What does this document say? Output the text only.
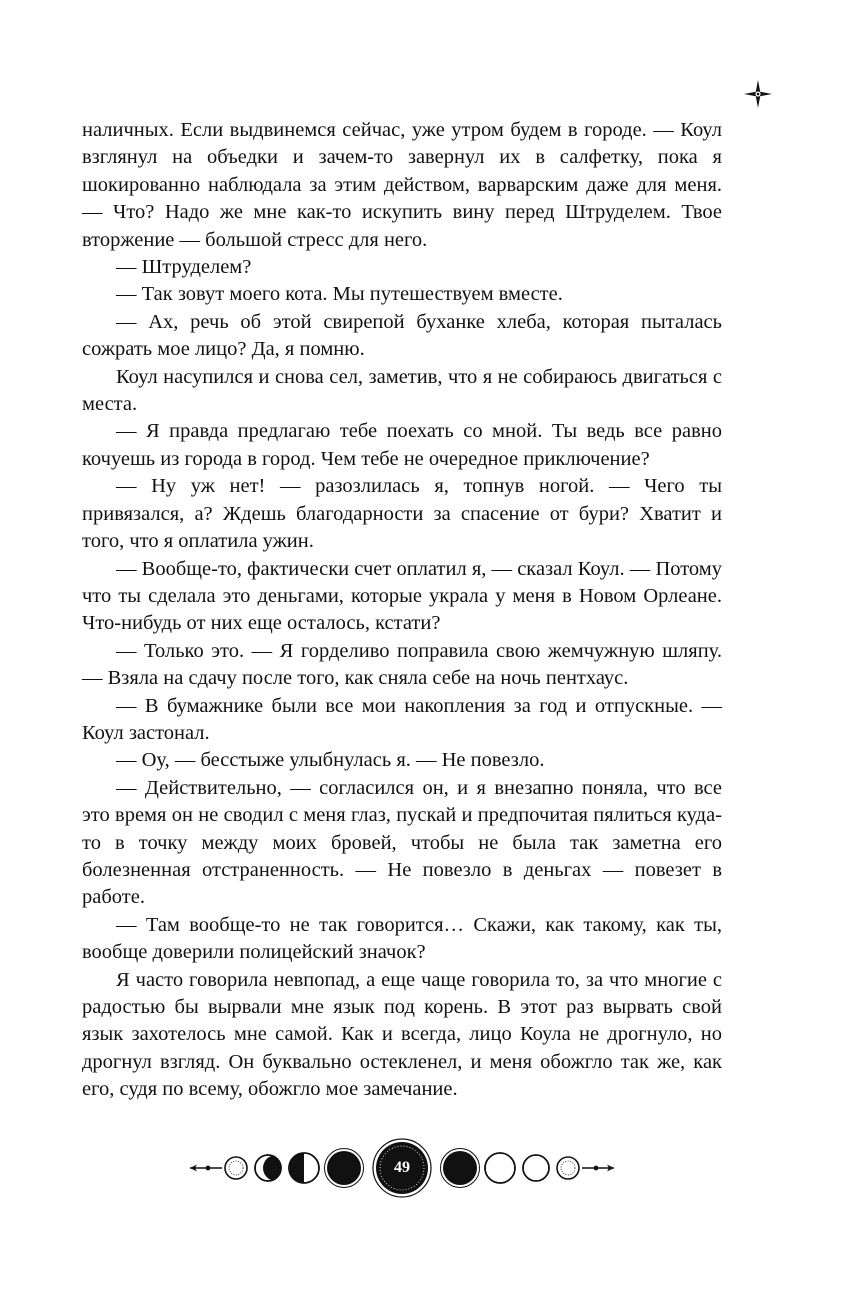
наличных. Если выдвинемся сейчас, уже утром будем в городе. — Коул взглянул на объедки и зачем-то завернул их в салфетку, пока я шокированно наблюдала за этим действом, варварским даже для меня. — Что? Надо же мне как-то искупить вину перед Штруделем. Твое вторжение — большой стресс для него.

— Штруделем?

— Так зовут моего кота. Мы путешествуем вместе.

— Ах, речь об этой свирепой буханке хлеба, которая пыталась сожрать мое лицо? Да, я помню.

Коул насупился и снова сел, заметив, что я не собираюсь двигаться с места.

— Я правда предлагаю тебе поехать со мной. Ты ведь все равно кочуешь из города в город. Чем тебе не очередное приключение?

— Ну уж нет! — разозлилась я, топнув ногой. — Чего ты привязался, а? Ждешь благодарности за спасение от бури? Хватит и того, что я оплатила ужин.

— Вообще-то, фактически счет оплатил я, — сказал Коул. — Потому что ты сделала это деньгами, которые украла у меня в Новом Орлеане. Что-нибудь от них еще осталось, кстати?

— Только это. — Я горделиво поправила свою жемчужную шляпу. — Взяла на сдачу после того, как сняла себе на ночь пентхаус.

— В бумажнике были все мои накопления за год и отпускные. — Коул застонал.

— Оу, — бесстыже улыбнулась я. — Не повезло.

— Действительно, — согласился он, и я внезапно поняла, что все это время он не сводил с меня глаз, пускай и предпочитая пялиться куда-то в точку между моих бровей, чтобы не была так заметна его болезненная отстраненность. — Не повезло в деньгах — повезет в работе.

— Там вообще-то не так говорится… Скажи, как такому, как ты, вообще доверили полицейский значок?

Я часто говорила невпопад, а еще чаще говорила то, за что многие с радостью бы вырвали мне язык под корень. В этот раз вырвать свой язык захотелось мне самой. Как и всегда, лицо Коула не дрогнуло, но дрогнул взгляд. Он буквально остекленел, и меня обожгло так же, как его, судя по всему, обожгло мое замечание.

49
